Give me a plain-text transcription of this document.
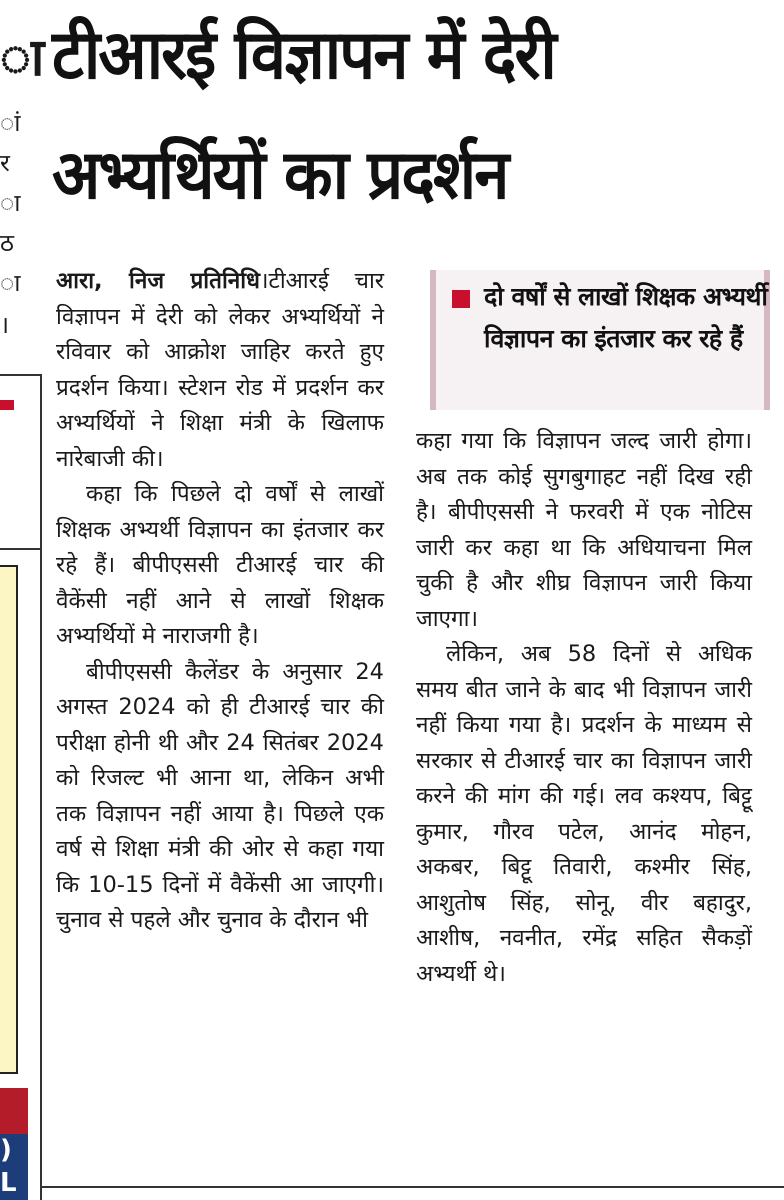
ा
ां
र
ा
ठ
ा
।
)
L
टीआरई विज्ञापन में देरी
अभ्यर्थियों का प्रदर्शन

आरा, निज प्रतिनिधि।टीआरई चार विज्ञापन में देरी को लेकर अभ्यर्थियों ने रविवार को आक्रोश जाहिर करते हुए प्रदर्शन किया। स्टेशन रोड में प्रदर्शन कर अभ्यर्थियों ने शिक्षा मंत्री के खिलाफ नारेबाजी की।

कहा कि पिछले दो वर्षों से लाखों शिक्षक अभ्यर्थी विज्ञापन का इंतजार कर रहे हैं। बीपीएससी टीआरई चार की वैकेंसी नहीं आने से लाखों शिक्षक अभ्यर्थियों मे नाराजगी है।

बीपीएससी कैलेंडर के अनुसार 24 अगस्त 2024 को ही टीआरई चार की परीक्षा होनी थी और 24 सितंबर 2024 को रिजल्ट भी आना था, लेकिन अभी तक विज्ञापन नहीं आया है। पिछले एक वर्ष से शिक्षा मंत्री की ओर से कहा गया कि 10-15 दिनों में वैकेंसी आ जाएगी। चुनाव से पहले और चुनाव के दौरान भी

दो वर्षों से लाखों शिक्षक अभ्यर्थी विज्ञापन का इंतजार कर रहे हैं

कहा गया कि विज्ञापन जल्द जारी होगा। अब तक कोई सुगबुगाहट नहीं दिख रही है। बीपीएससी ने फरवरी में एक नोटिस जारी कर कहा था कि अधियाचना मिल चुकी है और शीघ्र विज्ञापन जारी किया जाएगा।

लेकिन, अब 58 दिनों से अधिक समय बीत जाने के बाद भी विज्ञापन जारी नहीं किया गया है। प्रदर्शन के माध्यम से सरकार से टीआरई चार का विज्ञापन जारी करने की मांग की गई। लव कश्यप, बिट्टू कुमार, गौरव पटेल, आनंद मोहन, अकबर, बिट्टू तिवारी, कश्मीर सिंह, आशुतोष सिंह, सोनू, वीर बहादुर, आशीष, नवनीत, रमेंद्र सहित सैकड़ों अभ्यर्थी थे।
